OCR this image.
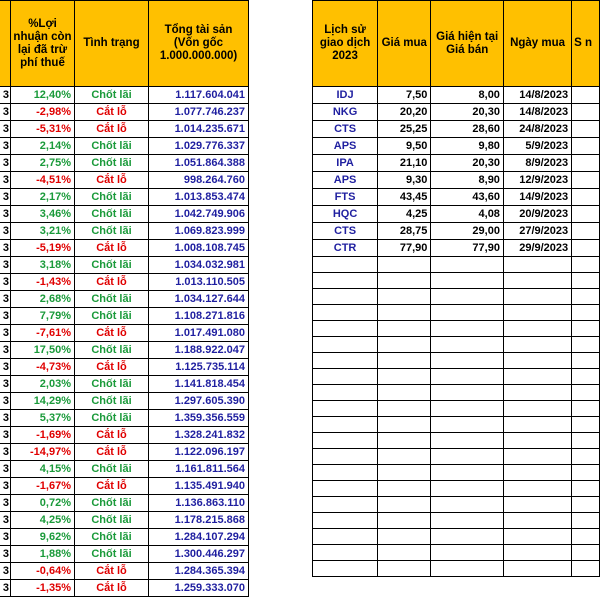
	%Lợi nhuận còn lại đã trừ phí thuế	Tình trạng	Tổng tài sản (Vốn gốc 1.000.000.000)
3	12,40%	Chốt lãi	1.117.604.041
3	-2,98%	Cắt lỗ	1.077.746.237
3	-5,31%	Cắt lỗ	1.014.235.671
3	2,14%	Chốt lãi	1.029.776.337
3	2,75%	Chốt lãi	1.051.864.388
3	-4,51%	Cắt lỗ	998.264.760
3	2,17%	Chốt lãi	1.013.853.474
3	3,46%	Chốt lãi	1.042.749.906
3	3,21%	Chốt lãi	1.069.823.999
3	-5,19%	Cắt lỗ	1.008.108.745
3	3,18%	Chốt lãi	1.034.032.981
3	-1,43%	Cắt lỗ	1.013.110.505
3	2,68%	Chốt lãi	1.034.127.644
3	7,79%	Chốt lãi	1.108.271.816
3	-7,61%	Cắt lỗ	1.017.491.080
3	17,50%	Chốt lãi	1.188.922.047
3	-4,73%	Cắt lỗ	1.125.735.114
3	2,03%	Chốt lãi	1.141.818.454
3	14,29%	Chốt lãi	1.297.605.390
3	5,37%	Chốt lãi	1.359.356.559
3	-1,69%	Cắt lỗ	1.328.241.832
3	-14,97%	Cắt lỗ	1.122.096.197
3	4,15%	Chốt lãi	1.161.811.564
3	-1,67%	Cắt lỗ	1.135.491.940
3	0,72%	Chốt lãi	1.136.863.110
3	4,25%	Chốt lãi	1.178.215.868
3	9,62%	Chốt lãi	1.284.107.294
3	1,88%	Chốt lãi	1.300.446.297
3	-0,64%	Cắt lỗ	1.284.365.394
3	-1,35%	Cắt lỗ	1.259.333.070
Lịch sử giao dịch 2023	Giá mua	Giá hiện tại Giá bán	Ngày mua	S n
IDJ	7,50	8,00	14/8/2023	
NKG	20,20	20,30	14/8/2023	
CTS	25,25	28,60	24/8/2023	
APS	9,50	9,80	5/9/2023	
IPA	21,10	20,30	8/9/2023	
APS	9,30	8,90	12/9/2023	
FTS	43,45	43,60	14/9/2023	
HQC	4,25	4,08	20/9/2023	
CTS	28,75	29,00	27/9/2023	
CTR	77,90	77,90	29/9/2023	
